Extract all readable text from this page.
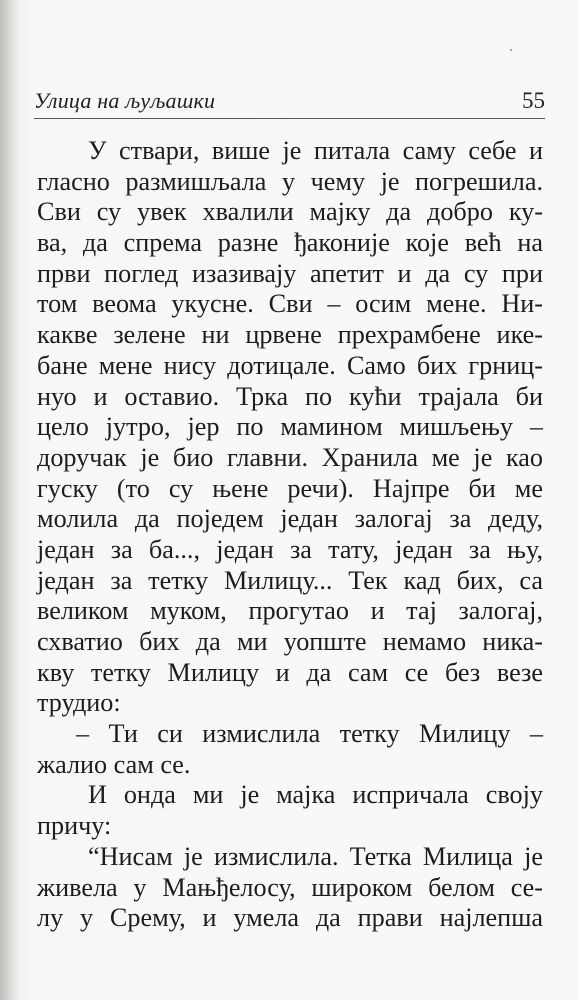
Улица на љуљашки	55
У ствари, више је питала саму себе и
гласно размишљала у чему је погрешила.
Сви су увек хвалили мајку да добро ку-
ва, да спрема разне ђаконије које већ на
први поглед изазивају апетит и да су при
том веома укусне. Сви – осим мене. Ни-
какве зелене ни црвене прехрамбене ике-
бане мене нису дотицале. Само бих грниц-
нуо и оставио. Трка по кући трајала би
цело јутро, јер по маминoм мишљењу –
доручак је био главни. Хранила ме је као
гуску (то су њене речи). Најпре би ме
молила да поједем један залогај за деду,
један за ба..., један за тату, један за њу,
један за тетку Милицу... Тек кад бих, са
великом муком, прогутао и тај залогај,
схватио бих да ми уопште немамо ника-
кву тетку Милицу и да сам се без везе
трудио:
– Ти си измислила тетку Милицу –
жалио сам се.
И онда ми је мајка испричала своју
причу:
“Нисам је измислила. Тетка Милица је
живела у Мањђелосу, широком белом се-
лу у Срему, и умела да прави најлепша
